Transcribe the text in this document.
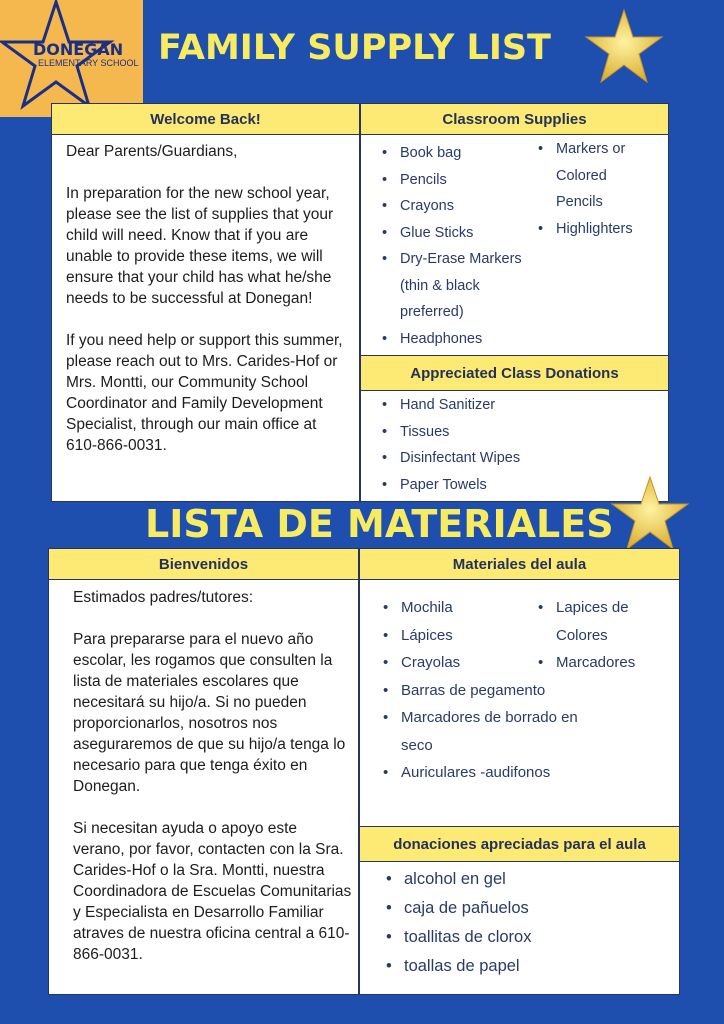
DONEGAN
ELEMENTARY SCHOOL FAMILY SUPPLY LIST
Welcome Back!

Dear Parents/Guardians,

In preparation for the new school year, please see the list of supplies that your child will need. Know that if you are unable to provide these items, we will ensure that your child has what he/she needs to be successful at Donegan!

If you need help or support this summer, please reach out to Mrs. Carides-Hof or Mrs. Montti, our Community School Coordinator and Family Development Specialist, through our main office at 610-866-0031.

Classroom Supplies
• Book bag
• Pencils
• Crayons
• Glue Sticks
• Dry-Erase Markers (thin & black preferred)
• Headphones
• Markers or Colored Pencils
• Highlighters
Appreciated Class Donations
• Hand Sanitizer
• Tissues
• Disinfectant Wipes
• Paper Towels
LISTA DE MATERIALES
Bienvenidos

Estimados padres/tutores:

Para prepararse para el nuevo año escolar, les rogamos que consulten la lista de materiales escolares que necesitará su hijo/a. Si no pueden proporcionarlos, nosotros nos aseguraremos de que su hijo/a tenga lo necesario para que tenga éxito en Donegan.

Si necesitan ayuda o apoyo este verano, por favor, contacten con la Sra. Carides-Hof o la Sra. Montti, nuestra Coordinadora de Escuelas Comunitarias y Especialista en Desarrollo Familiar atraves de nuestra oficina central a 610-866-0031.

Materiales del aula
• Mochila
• Lápices
• Crayolas
• Barras de pegamento
• Marcadores de borrado en seco
• Auriculares -audifonos
• Lapices de Colores
• Marcadores
donaciones apreciadas para el aula
• alcohol en gel
• caja de pañuelos
• toallitas de clorox
• toallas de papel
